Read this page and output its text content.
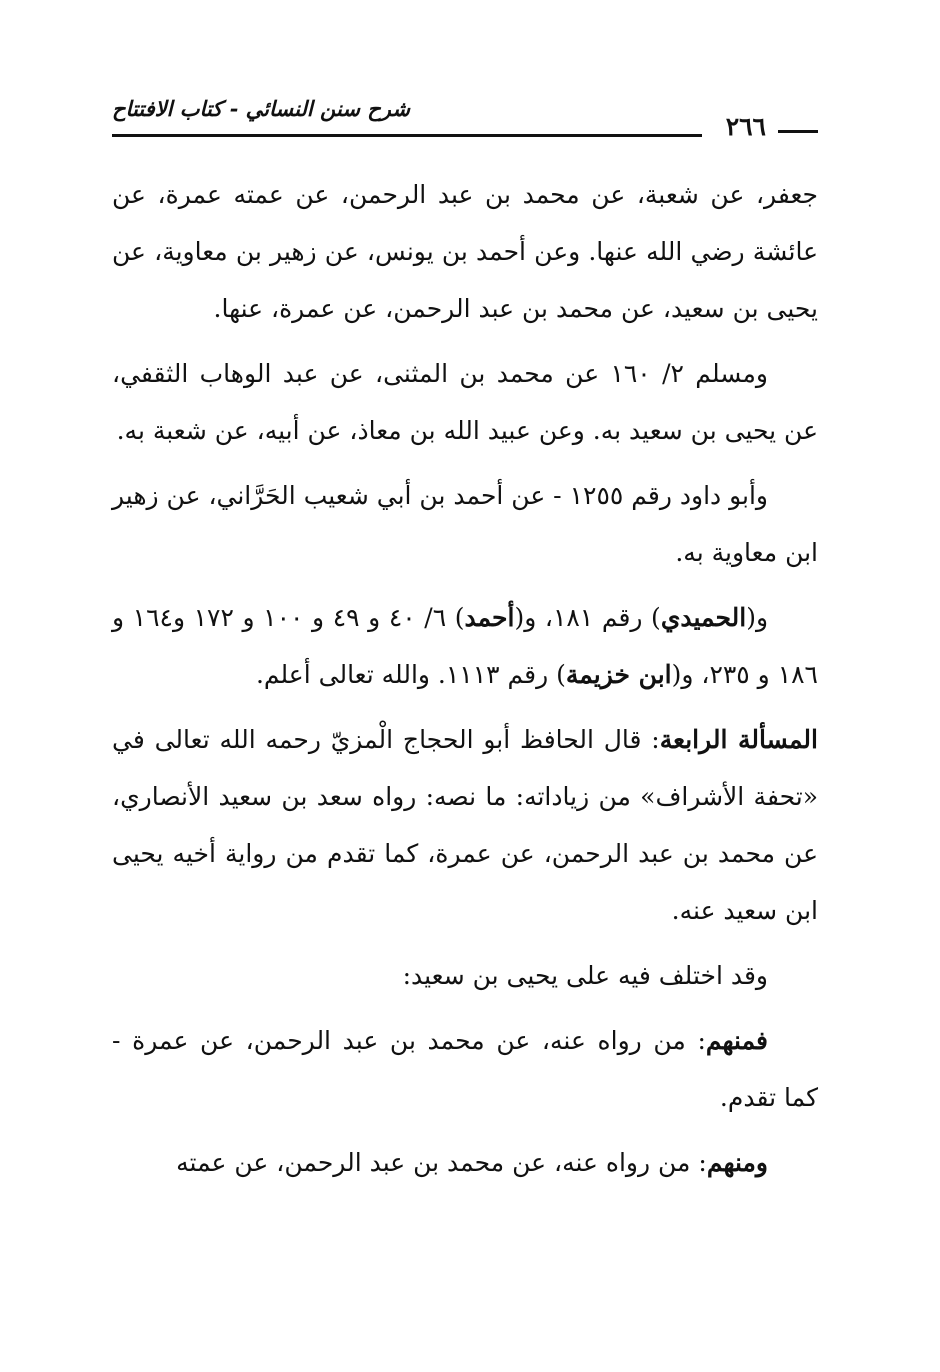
٢٦٦
شرح سنن النسائي - كتاب الافتتاح

جعفر، عن شعبة، عن محمد بن عبد الرحمن، عن عمته عمرة، عن عائشة رضي الله عنها. وعن أحمد بن يونس، عن زهير بن معاوية، عن يحيى بن سعيد، عن محمد بن عبد الرحمن، عن عمرة، عنها.

ومسلم ٢/ ١٦٠ عن محمد بن المثنى، عن عبد الوهاب الثقفي، عن يحيى بن سعيد به. وعن عبيد الله بن معاذ، عن أبيه، عن شعبة به.

وأبو داود رقم ١٢٥٥ - عن أحمد بن أبي شعيب الحَرَّاني، عن زهير ابن معاوية به.

و(الحميدي) رقم ١٨١، و(أحمد) ٦/ ٤٠ و ٤٩ و ١٠٠ و ١٧٢ و١٦٤ و ١٨٦ و ٢٣٥، و(ابن خزيمة) رقم ١١١٣. والله تعالى أعلم.

المسألة الرابعة: قال الحافظ أبو الحجاج الْمزيّ رحمه الله تعالى في «تحفة الأشراف» من زياداته: ما نصه: رواه سعد بن سعيد الأنصاري، عن محمد بن عبد الرحمن، عن عمرة، كما تقدم من رواية أخيه يحيى ابن سعيد عنه.

وقد اختلف فيه على يحيى بن سعيد:

فمنهم: من رواه عنه، عن محمد بن عبد الرحمن، عن عمرة - كما تقدم.

ومنهم: من رواه عنه، عن محمد بن عبد الرحمن، عن عمته
